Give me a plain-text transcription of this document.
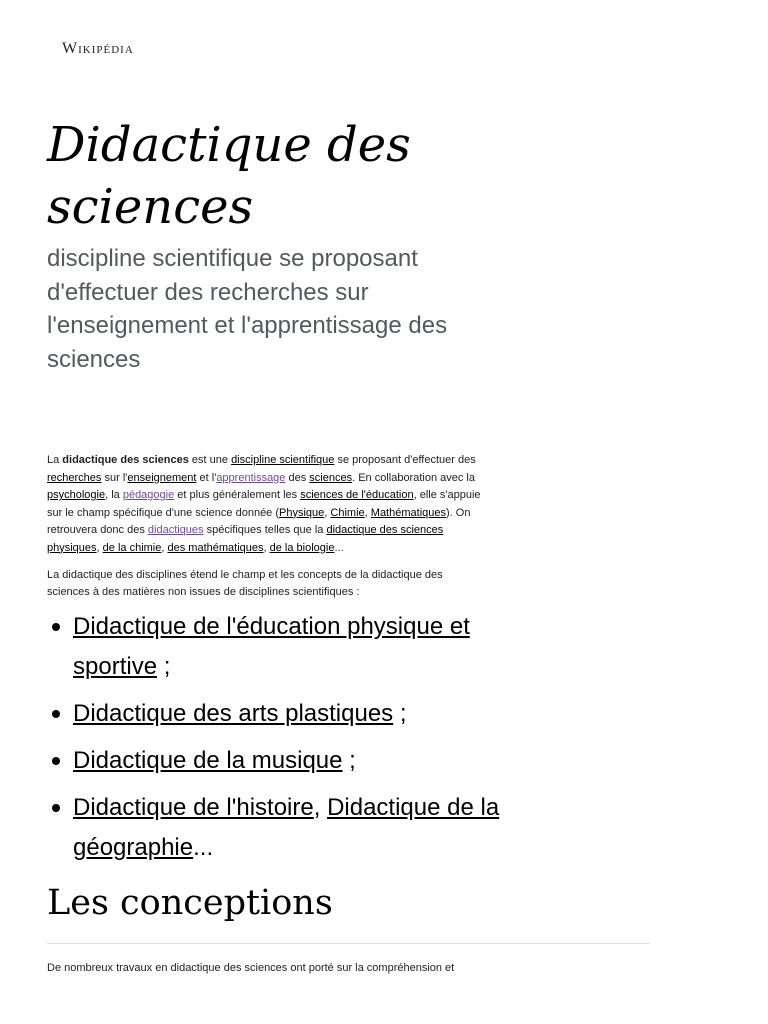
Wikipédia
Didactique des sciences

discipline scientifique se proposant d'effectuer des recherches sur l'enseignement et l'apprentissage des sciences

La didactique des sciences est une discipline scientifique se proposant d'effectuer des recherches sur l'enseignement et l'apprentissage des sciences. En collaboration avec la psychologie, la pédagogie et plus généralement les sciences de l'éducation, elle s'appuie sur le champ spécifique d'une science donnée (Physique, Chimie, Mathématiques). On retrouvera donc des didactiques spécifiques telles que la didactique des sciences physiques, de la chimie, des mathématiques, de la biologie...

La didactique des disciplines étend le champ et les concepts de la didactique des sciences à des matières non issues de disciplines scientifiques :

Didactique de l'éducation physique et sportive ;
Didactique des arts plastiques ;
Didactique de la musique ;
Didactique de l'histoire, Didactique de la géographie...
Les conceptions

De nombreux travaux en didactique des sciences ont porté sur la compréhension et
